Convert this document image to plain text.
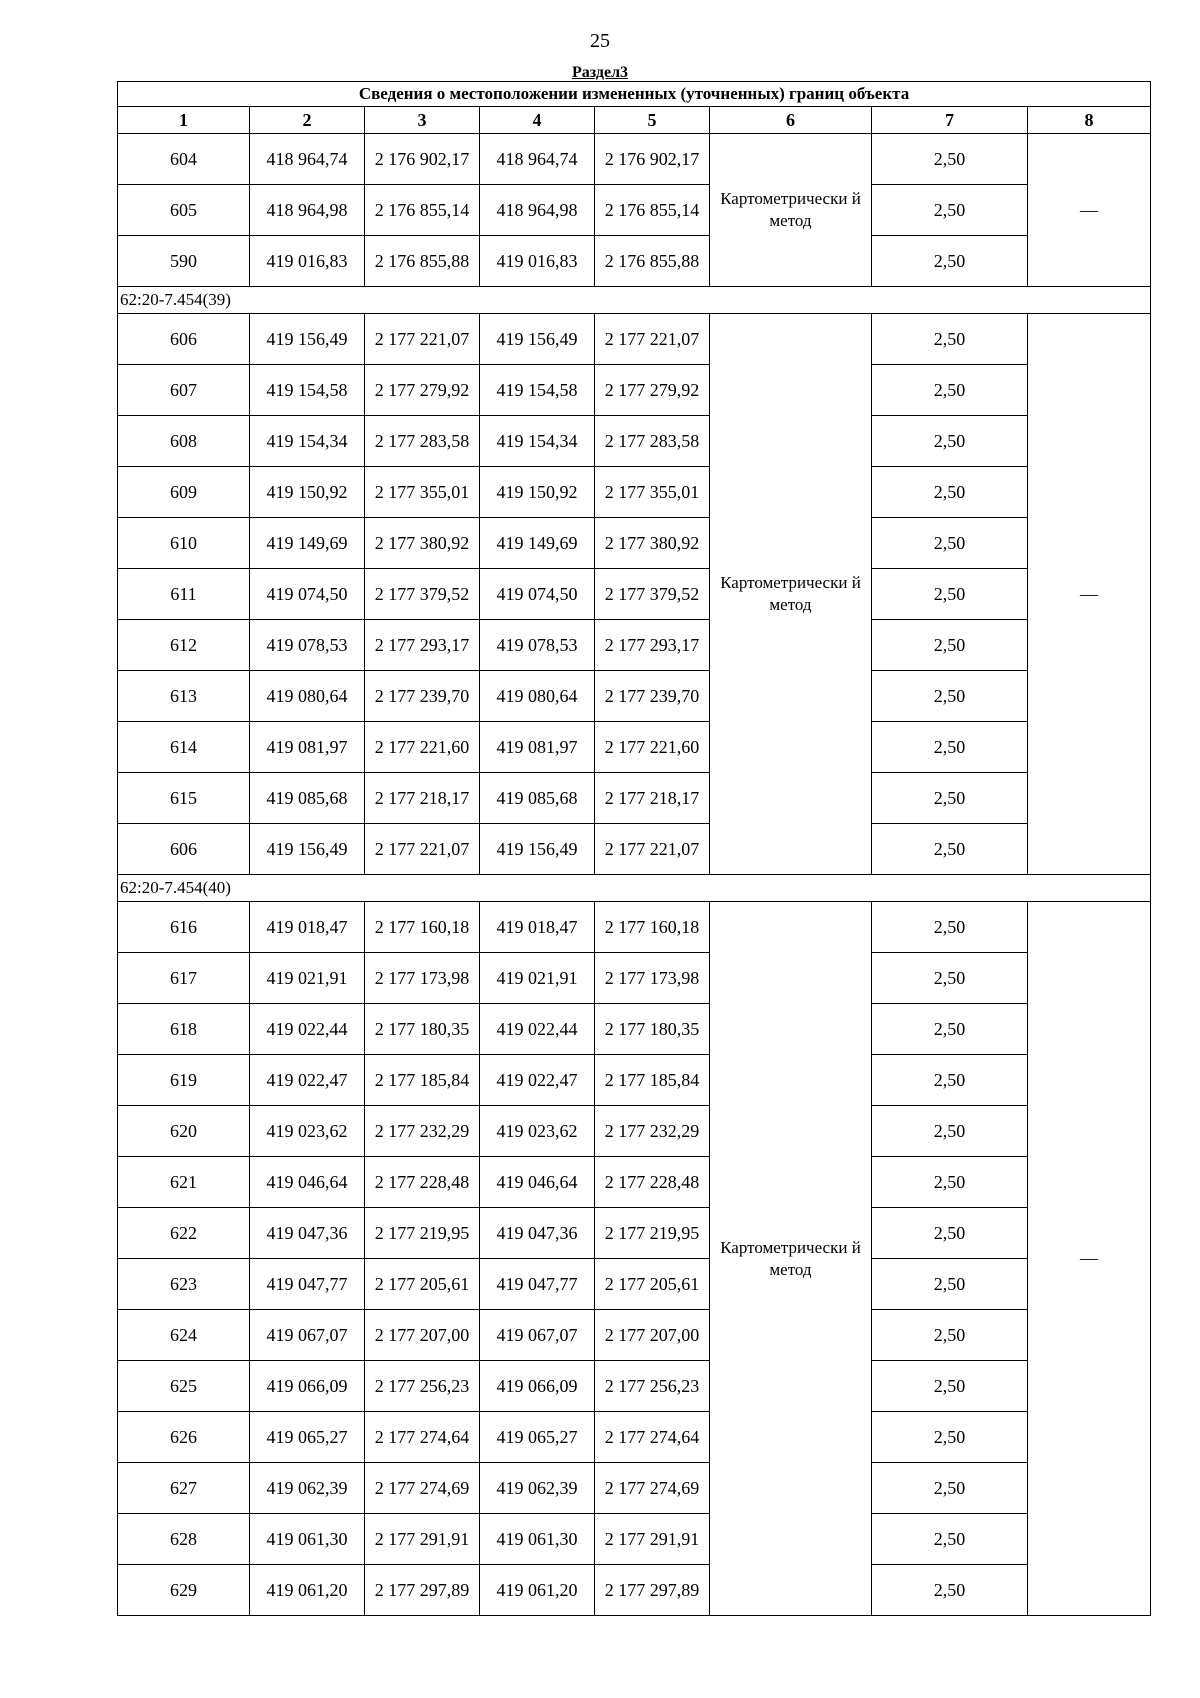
25
Раздел3
Сведения о местоположении измененных (уточненных) границ объекта							
1	2	3	4	5	6	7	8
604	418 964,74	2 176 902,17	418 964,74	2 176 902,17	Картометрически й метод	2,50	—
605	418 964,98	2 176 855,14	418 964,98	2 176 855,14		2,50	
590	419 016,83	2 176 855,88	419 016,83	2 176 855,88		2,50	
62:20-7.454(39)							
606	419 156,49	2 177 221,07	419 156,49	2 177 221,07	Картометрически й метод	2,50	—
607	419 154,58	2 177 279,92	419 154,58	2 177 279,92		2,50	
608	419 154,34	2 177 283,58	419 154,34	2 177 283,58		2,50	
609	419 150,92	2 177 355,01	419 150,92	2 177 355,01		2,50	
610	419 149,69	2 177 380,92	419 149,69	2 177 380,92		2,50	
611	419 074,50	2 177 379,52	419 074,50	2 177 379,52		2,50	
612	419 078,53	2 177 293,17	419 078,53	2 177 293,17		2,50	
613	419 080,64	2 177 239,70	419 080,64	2 177 239,70		2,50	
614	419 081,97	2 177 221,60	419 081,97	2 177 221,60		2,50	
615	419 085,68	2 177 218,17	419 085,68	2 177 218,17		2,50	
606	419 156,49	2 177 221,07	419 156,49	2 177 221,07		2,50	
62:20-7.454(40)							
616	419 018,47	2 177 160,18	419 018,47	2 177 160,18	Картометрически й метод	2,50	—
617	419 021,91	2 177 173,98	419 021,91	2 177 173,98		2,50	
618	419 022,44	2 177 180,35	419 022,44	2 177 180,35		2,50	
619	419 022,47	2 177 185,84	419 022,47	2 177 185,84		2,50	
620	419 023,62	2 177 232,29	419 023,62	2 177 232,29		2,50	
621	419 046,64	2 177 228,48	419 046,64	2 177 228,48		2,50	
622	419 047,36	2 177 219,95	419 047,36	2 177 219,95		2,50	
623	419 047,77	2 177 205,61	419 047,77	2 177 205,61		2,50	
624	419 067,07	2 177 207,00	419 067,07	2 177 207,00		2,50	
625	419 066,09	2 177 256,23	419 066,09	2 177 256,23		2,50	
626	419 065,27	2 177 274,64	419 065,27	2 177 274,64		2,50	
627	419 062,39	2 177 274,69	419 062,39	2 177 274,69		2,50	
628	419 061,30	2 177 291,91	419 061,30	2 177 291,91		2,50	
629	419 061,20	2 177 297,89	419 061,20	2 177 297,89		2,50	
